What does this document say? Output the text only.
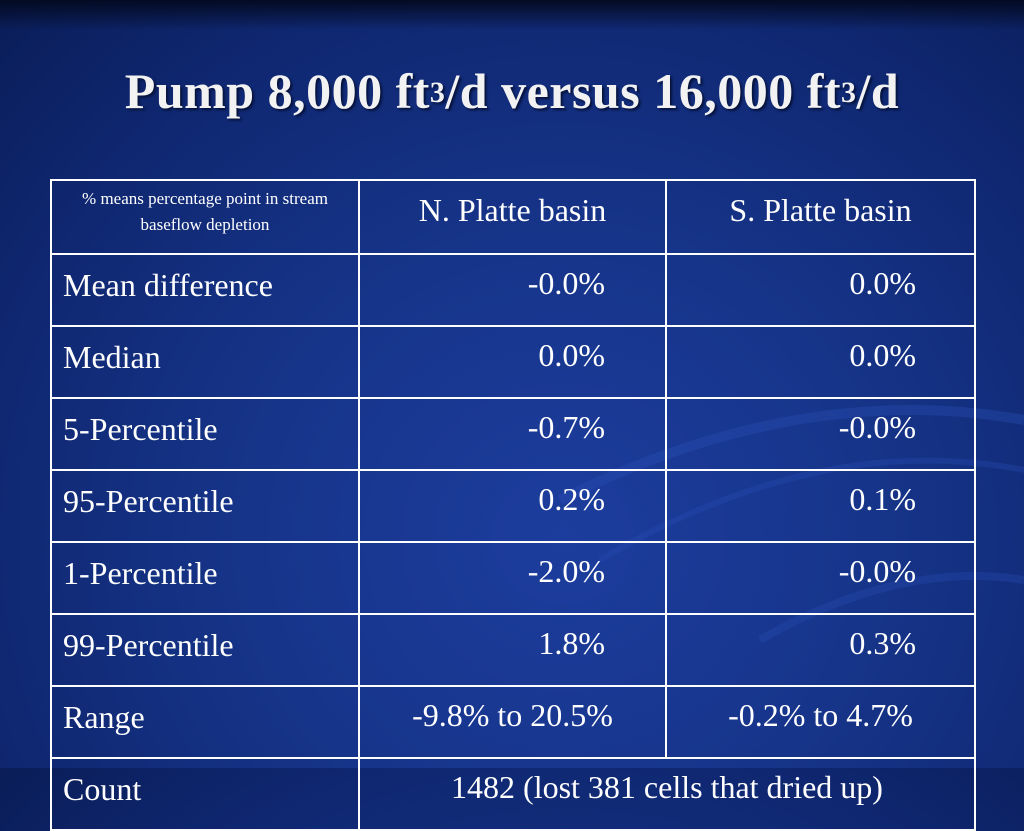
Pump 8,000 $ft^3/d$ versus 16,000 $ft^3/d$
% means percentage point in stream baseflow depletion	N. Platte basin	S. Platte basin
Mean difference	-0.0%	0.0%
Median	0.0%	0.0%
5-Percentile	-0.7%	-0.0%
95-Percentile	0.2%	0.1%
1-Percentile	-2.0%	-0.0%
99-Percentile	1.8%	0.3%
Range	-9.8% to 20.5%	-0.2% to 4.7%
Count	1482 (lost 381 cells that dried up)	
